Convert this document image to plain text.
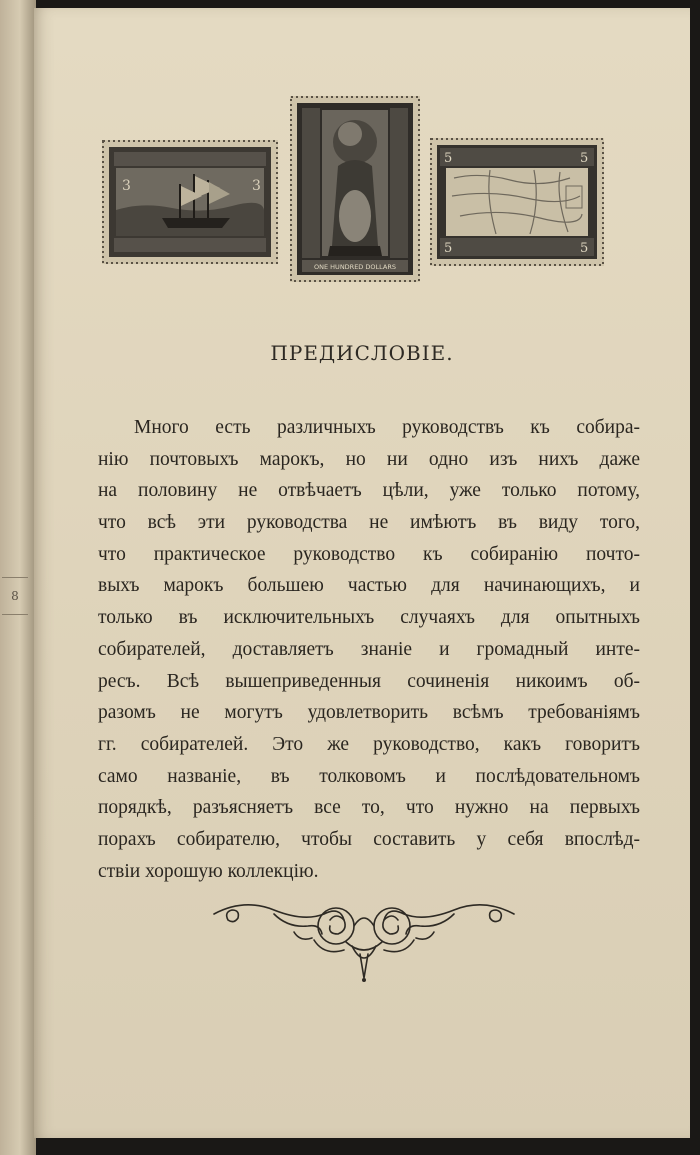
8
3	3
ONE HUNDRED DOLLARS
5	5
5	5
ПРЕДИСЛОВІЕ.
Много есть различныхъ руководствъ къ собира-
нію почтовыхъ марокъ, но ни одно изъ нихъ даже
на половину не отвѣчаетъ цѣли, уже только потому,
что всѣ эти руководства не имѣютъ въ виду того,
что практическое руководство къ собиранію почто-
выхъ марокъ большею частью для начинающихъ, и
только въ исключительныхъ случаяхъ для опытныхъ
собирателей, доставляетъ знаніе и громадный инте-
ресъ. Всѣ вышеприведенныя сочиненія никоимъ об-
разомъ не могутъ удовлетворить всѣмъ требованіямъ
гг. собирателей. Это же руководство, какъ говоритъ
само названіе, въ толковомъ и послѣдовательномъ
порядкѣ, разъясняетъ все то, что нужно на первыхъ
порахъ собирателю, чтобы составить у себя впослѣд-
ствіи хорошую коллекцію.
